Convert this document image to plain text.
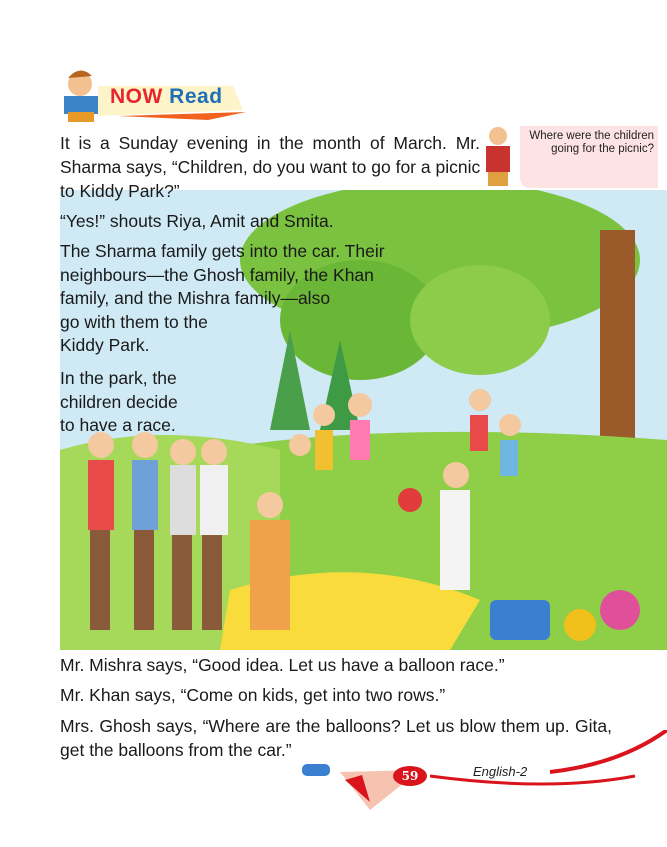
NOW Read
Where were the children going for the picnic?
It is a Sunday evening in the month of March. Mr.
Sharma says, “Children, do you want to go for a picnic
to Kiddy Park?”
“Yes!” shouts Riya, Amit and Smita.
The Sharma family gets into the car. Their
neighbours—the Ghosh family, the Khan
family, and the Mishra family—also
go with them to the
Kiddy Park.
In the park, the
children decide
to have a race.
Mr. Mishra says, “Good idea. Let us have a balloon race.”
Mr. Khan says, “Come on kids, get into two rows.”
Mrs. Ghosh says, “Where are the balloons? Let us blow them up. Gita,
get the balloons from the car.”
59	English-2
